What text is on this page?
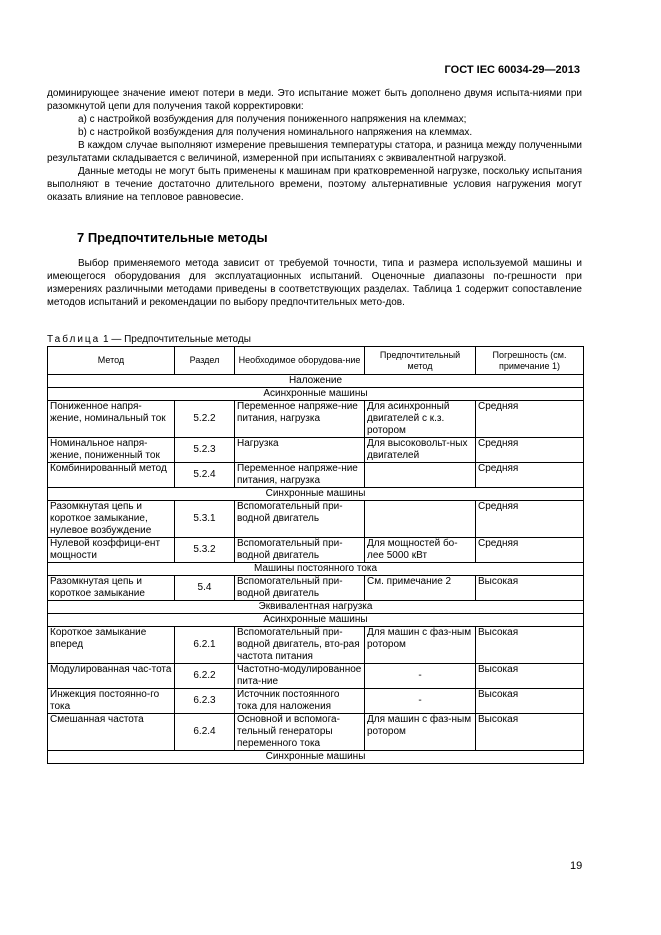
ГОСТ IEC 60034-29—2013

доминирующее значение имеют потери в меди. Это испытание может быть дополнено двумя испыта-ниями при разомкнутой цепи для получения такой корректировки:

a) с настройкой возбуждения для получения пониженного напряжения на клеммах;

b) с настройкой возбуждения для получения номинального напряжения на клеммах.

В каждом случае выполняют измерение превышения температуры статора, и разница между полученными результатами складывается с величиной, измеренной при испытаниях с эквивалентной нагрузкой.

Данные методы не могут быть применены к машинам при кратковременной нагрузке, поскольку испытания выполняют в течение достаточно длительного времени, поэтому альтернативные условия нагружения могут оказать влияние на тепловое равновесие.

7 Предпочтительные методы

Выбор применяемого метода зависит от требуемой точности, типа и размера используемой машины и имеющегося оборудования для эксплуатационных испытаний. Оценочные диапазоны по-грешности при измерениях различными методами приведены в соответствующих разделах. Таблица 1 содержит сопоставление методов испытаний и рекомендации по выбору предпочтительных мето-дов.

Таблица 1 — Предпочтительные методы
Метод	Раздел	Необходимое оборудова-ние	Предпочтительный метод	Погрешность (см. примечание 1)
Наложение				
Асинхронные машины				
Пониженное напря-жение, номинальный ток	5.2.2	Переменное напряже-ние питания, нагрузка	Для асинхронный двигателей с к.з. ротором	Средняя
Номинальное напря-жение, пониженный ток	5.2.3	Нагрузка	Для высоковольт-ных двигателей	Средняя
Комбинированный метод	5.2.4	Переменное напряже-ние питания, нагрузка		Средняя
Синхронные машины				
Разомкнутая цепь и короткое замыкание, нулевое возбуждение	5.3.1	Вспомогательный при-водной двигатель		Средняя
Нулевой коэффици-ент мощности	5.3.2	Вспомогательный при-водной двигатель	Для мощностей бо-лее 5000 кВт	Средняя
Машины постоянного тока				
Разомкнутая цепь и короткое замыкание	5.4	Вспомогательный при-водной двигатель	См. примечание 2	Высокая
Эквивалентная нагрузка				
Асинхронные машины				
Короткое замыкание вперед	6.2.1	Вспомогательный при-водной двигатель, вто-рая частота питания	Для машин с фаз-ным ротором	Высокая
Модулированная час-тота	6.2.2	Частотно-модулированное пита-ние	-	Высокая
Инжекция постоянно-го тока	6.2.3	Источник постоянного тока для наложения	-	Высокая
Смешанная частота	6.2.4	Основной и вспомога-тельный генераторы переменного тока	Для машин с фаз-ным ротором	Высокая
Синхронные машины				
19
